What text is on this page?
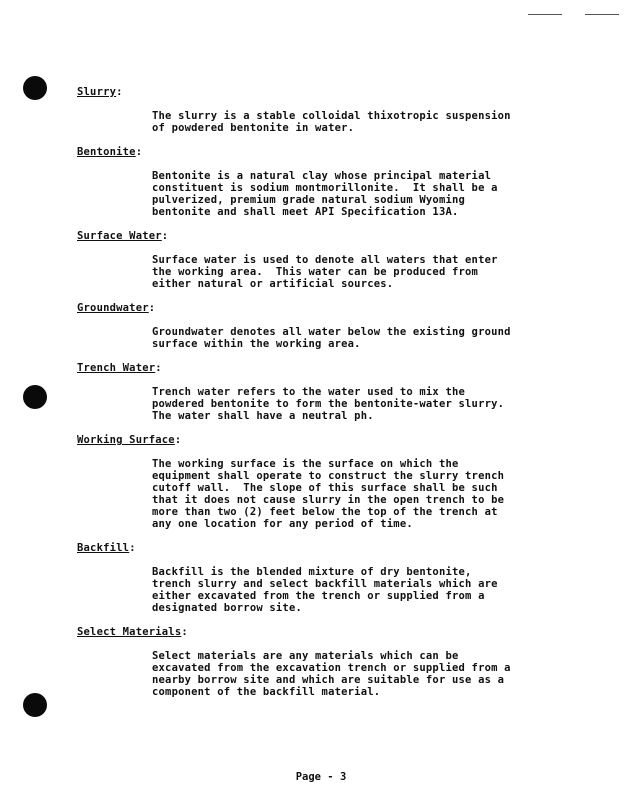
Slurry:
The slurry is a stable colloidal thixotropic suspension
of powdered bentonite in water.
Bentonite:
Bentonite is a natural clay whose principal material
constituent is sodium montmorillonite.  It shall be a
pulverized, premium grade natural sodium Wyoming
bentonite and shall meet API Specification 13A.
Surface Water:
Surface water is used to denote all waters that enter
the working area.  This water can be produced from
either natural or artificial sources.
Groundwater:
Groundwater denotes all water below the existing ground
surface within the working area.
Trench Water:
Trench water refers to the water used to mix the
powdered bentonite to form the bentonite-water slurry.
The water shall have a neutral ph.
Working Surface:
The working surface is the surface on which the
equipment shall operate to construct the slurry trench
cutoff wall.  The slope of this surface shall be such
that it does not cause slurry in the open trench to be
more than two (2) feet below the top of the trench at
any one location for any period of time.
Backfill:
Backfill is the blended mixture of dry bentonite,
trench slurry and select backfill materials which are
either excavated from the trench or supplied from a
designated borrow site.
Select Materials:
Select materials are any materials which can be
excavated from the excavation trench or supplied from a
nearby borrow site and which are suitable for use as a
component of the backfill material.
Page - 3
